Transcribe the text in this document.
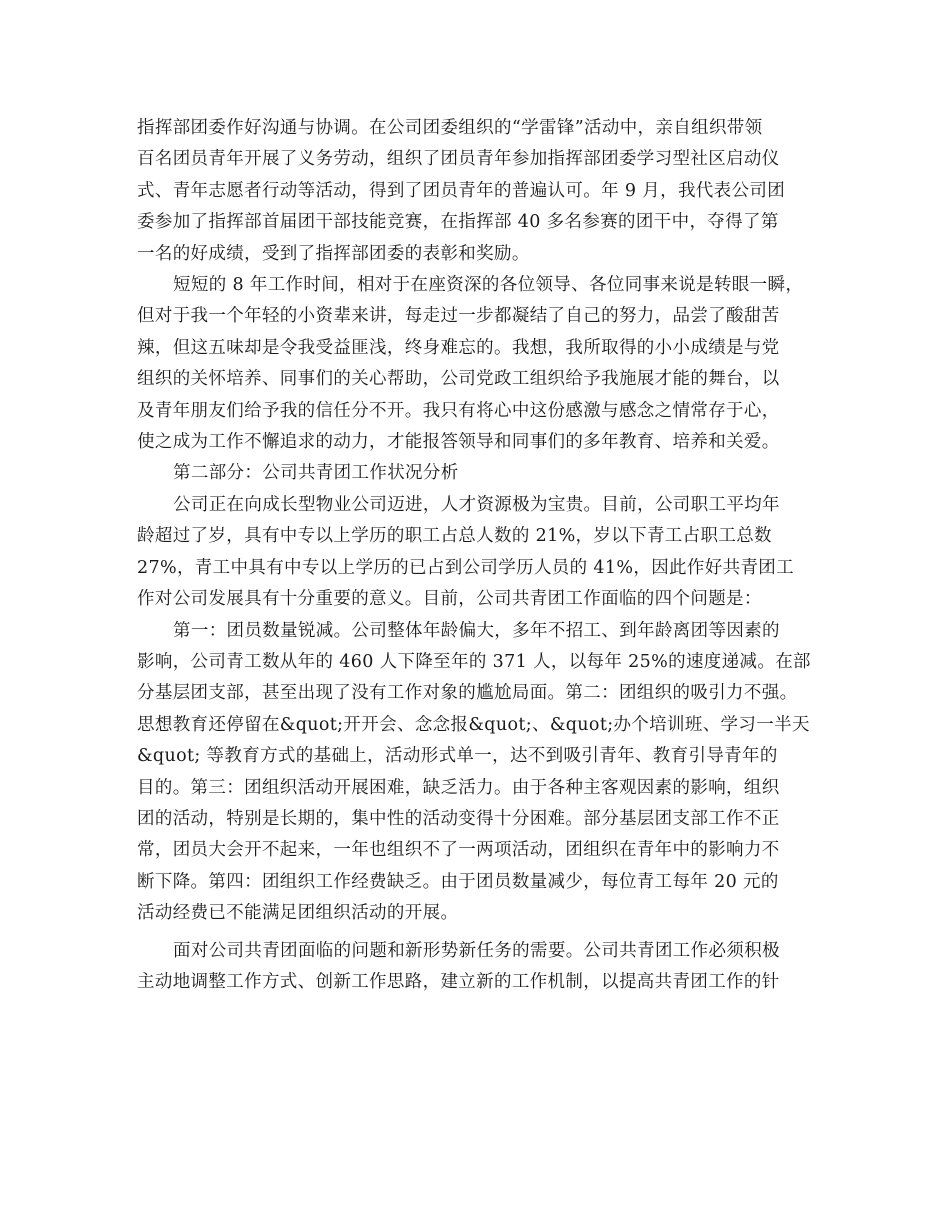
指挥部团委作好沟通与协调。在公司团委组织的“学雷锋”活动中，亲自组织带领
百名团员青年开展了义务劳动，组织了团员青年参加指挥部团委学习型社区启动仪
式、青年志愿者行动等活动，得到了团员青年的普遍认可。年 9 月，我代表公司团
委参加了指挥部首届团干部技能竞赛，在指挥部 40 多名参赛的团干中，夺得了第
一名的好成绩，受到了指挥部团委的表彰和奖励。

短短的 8 年工作时间，相对于在座资深的各位领导、各位同事来说是转眼一瞬，
但对于我一个年轻的小资辈来讲，每走过一步都凝结了自己的努力，品尝了酸甜苦
辣，但这五味却是令我受益匪浅，终身难忘的。我想，我所取得的小小成绩是与党
组织的关怀培养、同事们的关心帮助，公司党政工组织给予我施展才能的舞台，以
及青年朋友们给予我的信任分不开。我只有将心中这份感激与感念之情常存于心，
使之成为工作不懈追求的动力，才能报答领导和同事们的多年教育、培养和关爱。

第二部分：公司共青团工作状况分析

公司正在向成长型物业公司迈进，人才资源极为宝贵。目前，公司职工平均年
龄超过了岁，具有中专以上学历的职工占总人数的 21%，岁以下青工占职工总数
27%，青工中具有中专以上学历的已占到公司学历人员的 41%，因此作好共青团工
作对公司发展具有十分重要的意义。目前，公司共青团工作面临的四个问题是：

第一：团员数量锐减。公司整体年龄偏大，多年不招工、到年龄离团等因素的
影响，公司青工数从年的 460 人下降至年的 371 人，以每年 25%的速度递减。在部
分基层团支部，甚至出现了没有工作对象的尴尬局面。第二：团组织的吸引力不强。
思想教育还停留在&quot;开开会、念念报&quot;、&quot;办个培训班、学习一半天
&quot; 等教育方式的基础上，活动形式单一，达不到吸引青年、教育引导青年的
目的。第三：团组织活动开展困难，缺乏活力。由于各种主客观因素的影响，组织
团的活动，特别是长期的，集中性的活动变得十分困难。部分基层团支部工作不正
常，团员大会开不起来，一年也组织不了一两项活动，团组织在青年中的影响力不
断下降。第四：团组织工作经费缺乏。由于团员数量减少，每位青工每年 20 元的
活动经费已不能满足团组织活动的开展。

面对公司共青团面临的问题和新形势新任务的需要。公司共青团工作必须积极
主动地调整工作方式、创新工作思路，建立新的工作机制，以提高共青团工作的针
